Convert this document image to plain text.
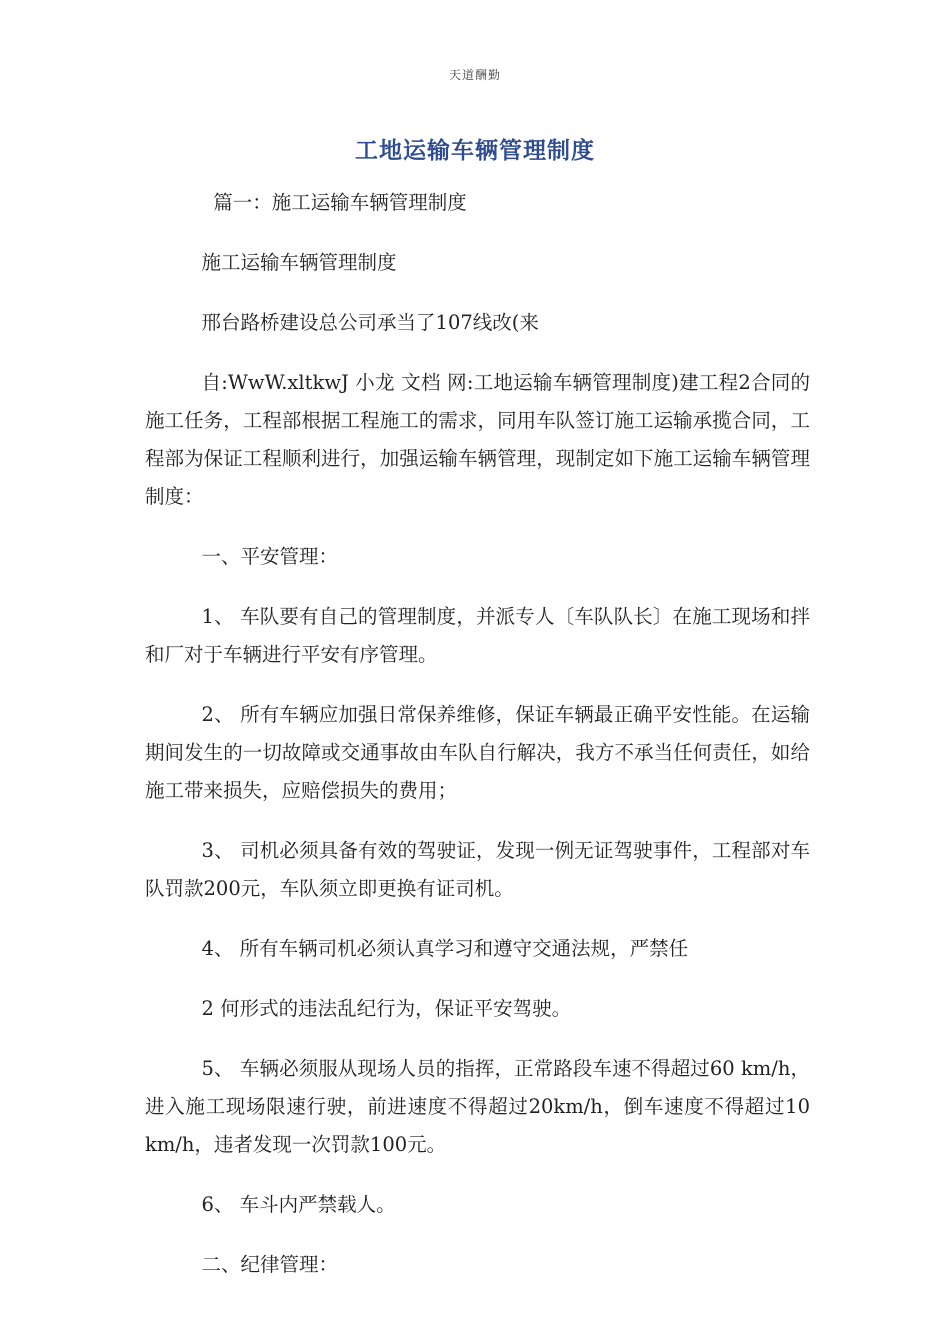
天道酬勤
工地运输车辆管理制度

篇一：施工运输车辆管理制度

施工运输车辆管理制度

邢台路桥建设总公司承当了107线改(来

自:WwW.xltkwJ 小龙 文档 网:工地运输车辆管理制度)建工程2合同的施工任务，工程部根据工程施工的需求，同用车队签订施工运输承揽合同，工程部为保证工程顺利进行，加强运输车辆管理，现制定如下施工运输车辆管理制度：

一、平安管理：

1、 车队要有自己的管理制度，并派专人〔车队队长〕在施工现场和拌和厂对于车辆进行平安有序管理。

2、 所有车辆应加强日常保养维修，保证车辆最正确平安性能。在运输期间发生的一切故障或交通事故由车队自行解决，我方不承当任何责任，如给施工带来损失，应赔偿损失的费用；

3、 司机必须具备有效的驾驶证，发现一例无证驾驶事件，工程部对车队罚款200元，车队须立即更换有证司机。

4、 所有车辆司机必须认真学习和遵守交通法规，严禁任

2 何形式的违法乱纪行为，保证平安驾驶。

5、 车辆必须服从现场人员的指挥，正常路段车速不得超过60 km/h，进入施工现场限速行驶，前进速度不得超过20km/h，倒车速度不得超过10 km/h，违者发现一次罚款100元。

6、 车斗内严禁载人。

二、纪律管理：
